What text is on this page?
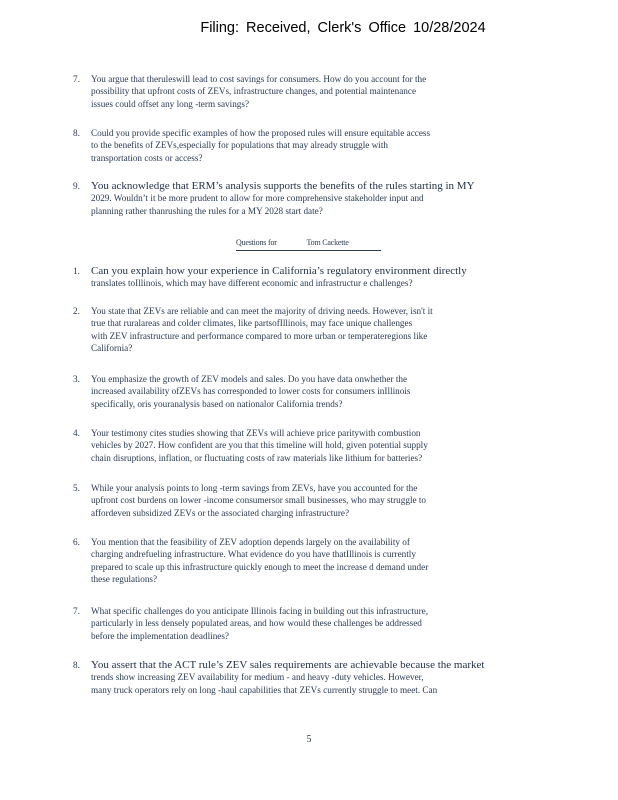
Filing: Received, Clerk's Office 10/28/2024
7.	You argue that theruleswill lead to cost savings for consumers. How do you account for the
possibility that upfront costs of ZEVs, infrastructure changes, and potential maintenance
issues could offset any long -term savings?
8.	Could you provide specific examples of how the proposed rules will ensure equitable access
to the benefits of ZEVs,especially for populations that may already struggle with
transportation costs or access?
9.	You acknowledge that ERM’s analysis supports the benefits of the rules starting in MY
2029. Wouldn’t it be more prudent to allow for more comprehensive stakeholder input and
planning rather thanrushing the rules for a MY 2028 start date?
Questions for	Tom Cackette
1.	Can you explain how your experience in California’s regulatory environment directly
translates toIllinois, which may have different economic and infrastructur e challenges?
2.	You state that ZEVs are reliable and can meet the majority of driving needs. However, isn't it
true that ruralareas and colder climates, like partsofIllinois, may face unique challenges
with ZEV infrastructure and performance compared to more urban or temperateregions like
California?
3.	You emphasize the growth of ZEV models and sales. Do you have data onwhether the
increased availability ofZEVs has corresponded to lower costs for consumers inIllinois
specifically, oris youranalysis based on nationalor California trends?
4.	Your testimony cites studies showing that ZEVs will achieve price paritywith combustion
vehicles by 2027. How confident are you that this timeline will hold, given potential supply
chain disruptions, inflation, or fluctuating costs of raw materials like lithium for batteries?
5.	While your analysis points to long -term savings from ZEVs, have you accounted for the
upfront cost burdens on lower -income consumersor small businesses, who may struggle to
affordeven subsidized ZEVs or the associated charging infrastructure?
6.	You mention that the feasibility of ZEV adoption depends largely on the availability of
charging andrefueling infrastructure. What evidence do you have thatIllinois is currently
prepared to scale up this infrastructure quickly enough to meet the increase d demand under
these regulations?
7.	What specific challenges do you anticipate Illinois facing in building out this infrastructure,
particularly in less densely populated areas, and how would these challenges be addressed
before the implementation deadlines?
8.	You assert that the ACT rule’s ZEV sales requirements are achievable because the market
trends show increasing ZEV availability for medium - and heavy -duty vehicles. However,
many truck operators rely on long -haul capabilities that ZEVs currently struggle to meet. Can
5
